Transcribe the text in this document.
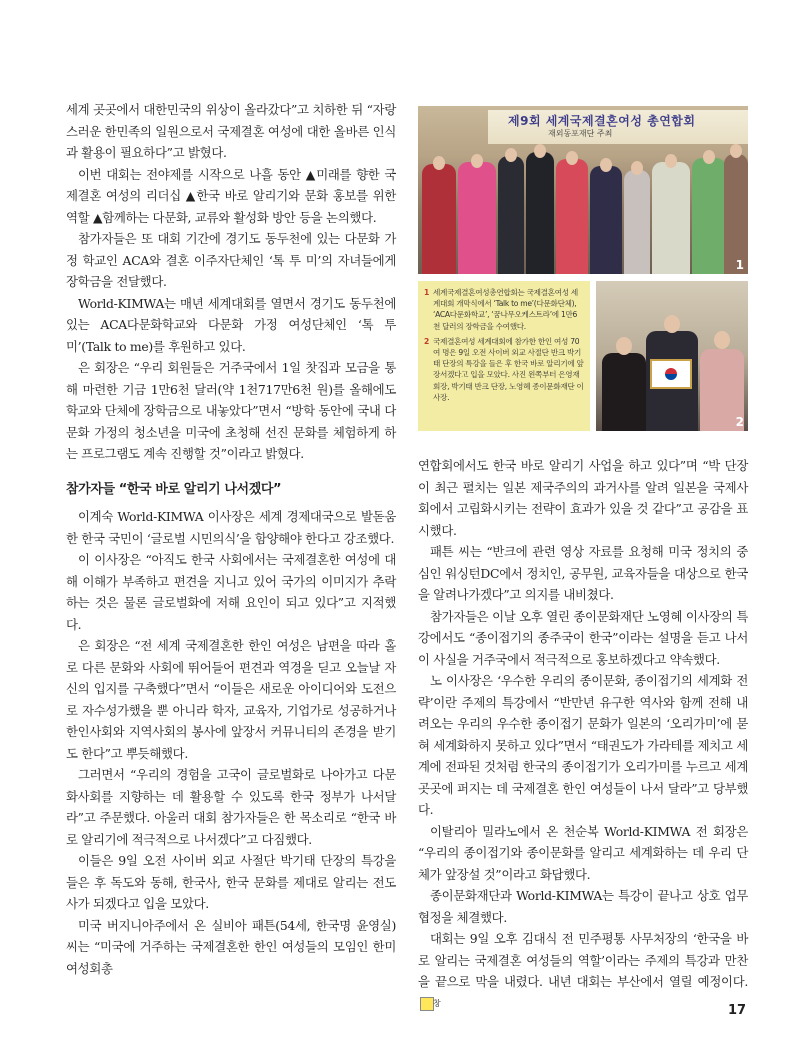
세계 곳곳에서 대한민국의 위상이 올라갔다”고 치하한 뒤 “자랑스러운 한민족의 일원으로서 국제결혼 여성에 대한 올바른 인식과 활용이 필요하다”고 밝혔다.

이번 대회는 전야제를 시작으로 나흘 동안 ▲미래를 향한 국제결혼 여성의 리더십 ▲한국 바로 알리기와 문화 홍보를 위한 역할 ▲함께하는 다문화, 교류와 활성화 방안 등을 논의했다.

참가자들은 또 대회 기간에 경기도 동두천에 있는 다문화 가정 학교인 ACA와 결혼 이주자단체인 ‘톡 투 미’의 자녀들에게 장학금을 전달했다.

World-KIMWA는 매년 세계대회를 열면서 경기도 동두천에 있는 ACA다문화학교와 다문화 가정 여성단체인 ‘톡 투 미’(Talk to me)를 후원하고 있다.

은 회장은 “우리 회원들은 거주국에서 1일 찻집과 모금을 통해 마련한 기금 1만6천 달러(약 1천717만6천 원)를 올해에도 학교와 단체에 장학금으로 내놓았다”면서 “방학 동안에 국내 다문화 가정의 청소년을 미국에 초청해 선진 문화를 체험하게 하는 프로그램도 계속 진행할 것”이라고 밝혔다.

참가자들 “한국 바로 알리기 나서겠다”

이계숙 World-KIMWA 이사장은 세계 경제대국으로 발돋움한 한국 국민이 ‘글로벌 시민의식’을 함양해야 한다고 강조했다.

이 이사장은 “아직도 한국 사회에서는 국제결혼한 여성에 대해 이해가 부족하고 편견을 지니고 있어 국가의 이미지가 추락하는 것은 물론 글로벌화에 저해 요인이 되고 있다”고 지적했다.

은 회장은 “전 세계 국제결혼한 한인 여성은 남편을 따라 홀로 다른 문화와 사회에 뛰어들어 편견과 역경을 딛고 오늘날 자신의 입지를 구축했다”면서 “이들은 새로운 아이디어와 도전으로 자수성가했을 뿐 아니라 학자, 교육자, 기업가로 성공하거나 한인사회와 지역사회의 봉사에 앞장서 커뮤니티의 존경을 받기도 한다”고 뿌듯해했다.

그러면서 “우리의 경험을 고국이 글로벌화로 나아가고 다문화사회를 지향하는 데 활용할 수 있도록 한국 정부가 나서달라”고 주문했다. 아울러 대회 참가자들은 한 목소리로 “한국 바로 알리기에 적극적으로 나서겠다”고 다짐했다.

이들은 9일 오전 사이버 외교 사절단 박기태 단장의 특강을 들은 후 독도와 동해, 한국사, 한국 문화를 제대로 알리는 전도사가 되겠다고 입을 모았다.

미국 버지니아주에서 온 실비아 패튼(54세, 한국명 윤영실) 씨는 “미국에 거주하는 국제결혼한 한인 여성들의 모임인 한미여성회총

제9회 세계국제결혼여성 총연합회
재외동포재단 주최
1
1 세계국제결혼여성총연합회는 국제결혼여성 세계대회 개막식에서 ‘Talk to me’(다문화단체), ‘ACA다문화학교’, ‘꿈나무오케스트라’에 1만6천 달러의 장학금을 수여했다.
2 국제결혼여성 세계대회에 참가한 한인 여성 70여 명은 9일 오전 사이버 외교 사절단 반크 박기태 단장의 특강을 들은 후 한국 바로 알리기에 앞장서겠다고 입을 모았다. 사진 왼쪽부터 은영재 회장, 박기태 반크 단장, 노영혜 종이문화재단 이사장.
2

연합회에서도 한국 바로 알리기 사업을 하고 있다”며 “박 단장이 최근 펼치는 일본 제국주의의 과거사를 알려 일본을 국제사회에서 고립화시키는 전략이 효과가 있을 것 같다”고 공감을 표시했다.

패튼 씨는 “반크에 관련 영상 자료를 요청해 미국 정치의 중심인 워싱턴DC에서 정치인, 공무원, 교육자들을 대상으로 한국을 알려나가겠다”고 의지를 내비쳤다.

참가자들은 이날 오후 열린 종이문화재단 노영혜 이사장의 특강에서도 “종이접기의 종주국이 한국”이라는 설명을 듣고 나서 이 사실을 거주국에서 적극적으로 홍보하겠다고 약속했다.

노 이사장은 ‘우수한 우리의 종이문화, 종이접기의 세계화 전략’이란 주제의 특강에서 “반만년 유구한 역사와 함께 전해 내려오는 우리의 우수한 종이접기 문화가 일본의 ‘오리가미’에 묻혀 세계화하지 못하고 있다”면서 “태권도가 가라테를 제치고 세계에 전파된 것처럼 한국의 종이접기가 오리가미를 누르고 세계 곳곳에 퍼지는 데 국제결혼 한인 여성들이 나서 달라”고 당부했다.

이탈리아 밀라노에서 온 천순복 World-KIMWA 전 회장은 “우리의 종이접기와 종이문화를 알리고 세계화하는 데 우리 단체가 앞장설 것”이라고 화답했다.

종이문화재단과 World-KIMWA는 특강이 끝나고 상호 업무협정을 체결했다.

대회는 9일 오후 김대식 전 민주평통 사무처장의 ‘한국을 바로 알리는 국제결혼 여성들의 역할’이라는 주제의 특강과 만찬을 끝으로 막을 내렸다. 내년 대회는 부산에서 열릴 예정이다. 창	17
